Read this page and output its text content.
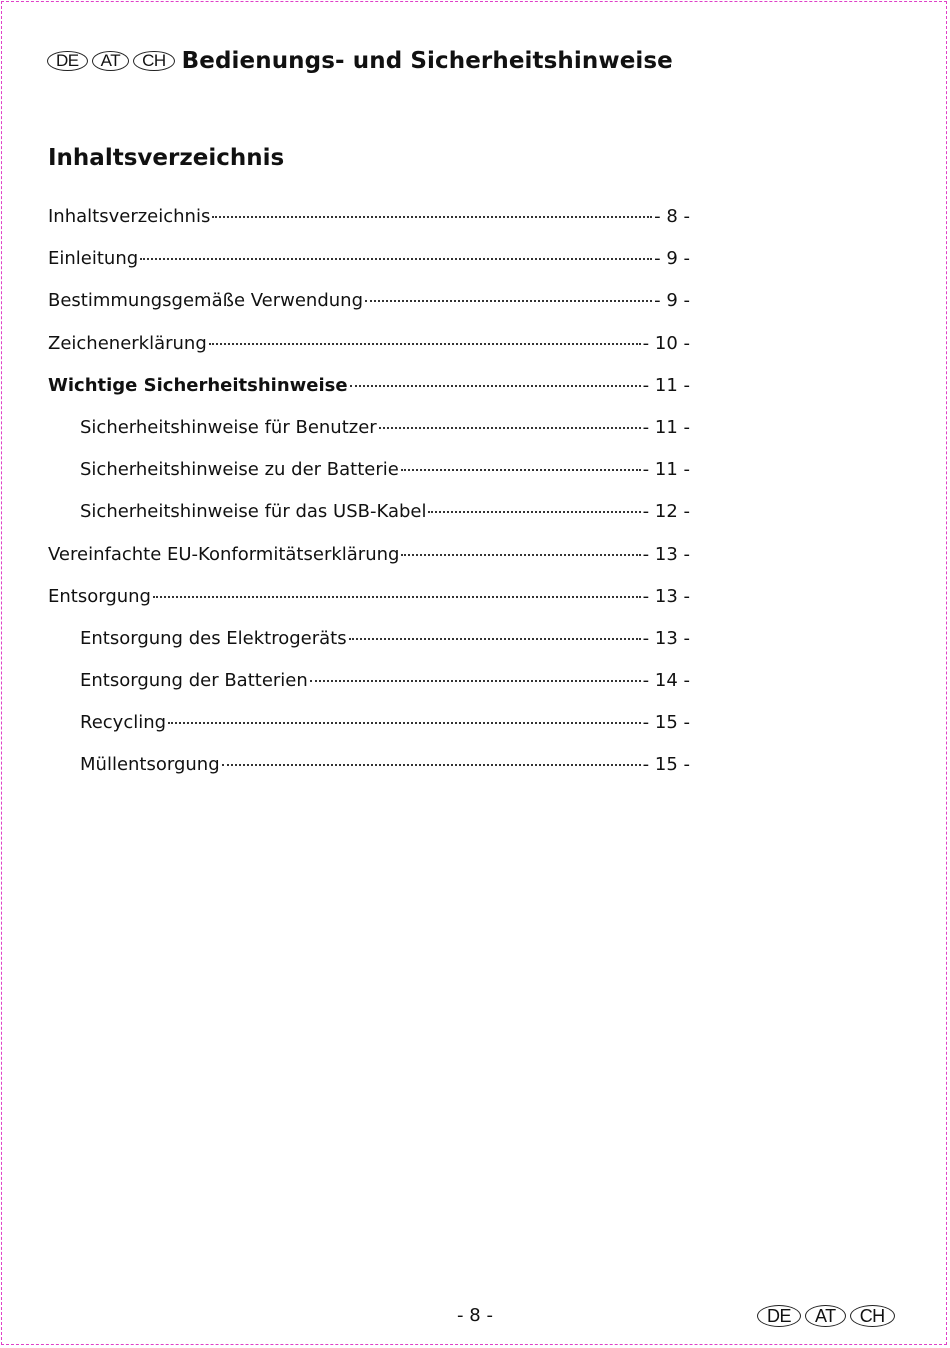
DE	AT	CH Bedienungs- und Sicherheitshinweise
Inhaltsverzeichnis
Inhaltsverzeichnis	- 8 -
Einleitung	- 9 -
Bestimmungsgemäße Verwendung	- 9 -
Zeichenerklärung	- 10 -
Wichtige Sicherheitshinweise	- 11 -
Sicherheitshinweise für Benutzer	- 11 -
Sicherheitshinweise zu der Batterie	- 11 -
Sicherheitshinweise für das USB-Kabel	- 12 -
Vereinfachte EU-Konformitätserklärung	- 13 -
Entsorgung	- 13 -
Entsorgung des Elektrogeräts	- 13 -
Entsorgung der Batterien	- 14 -
Recycling	- 15 -
Müllentsorgung	- 15 -
- 8 -	DE	AT	CH
